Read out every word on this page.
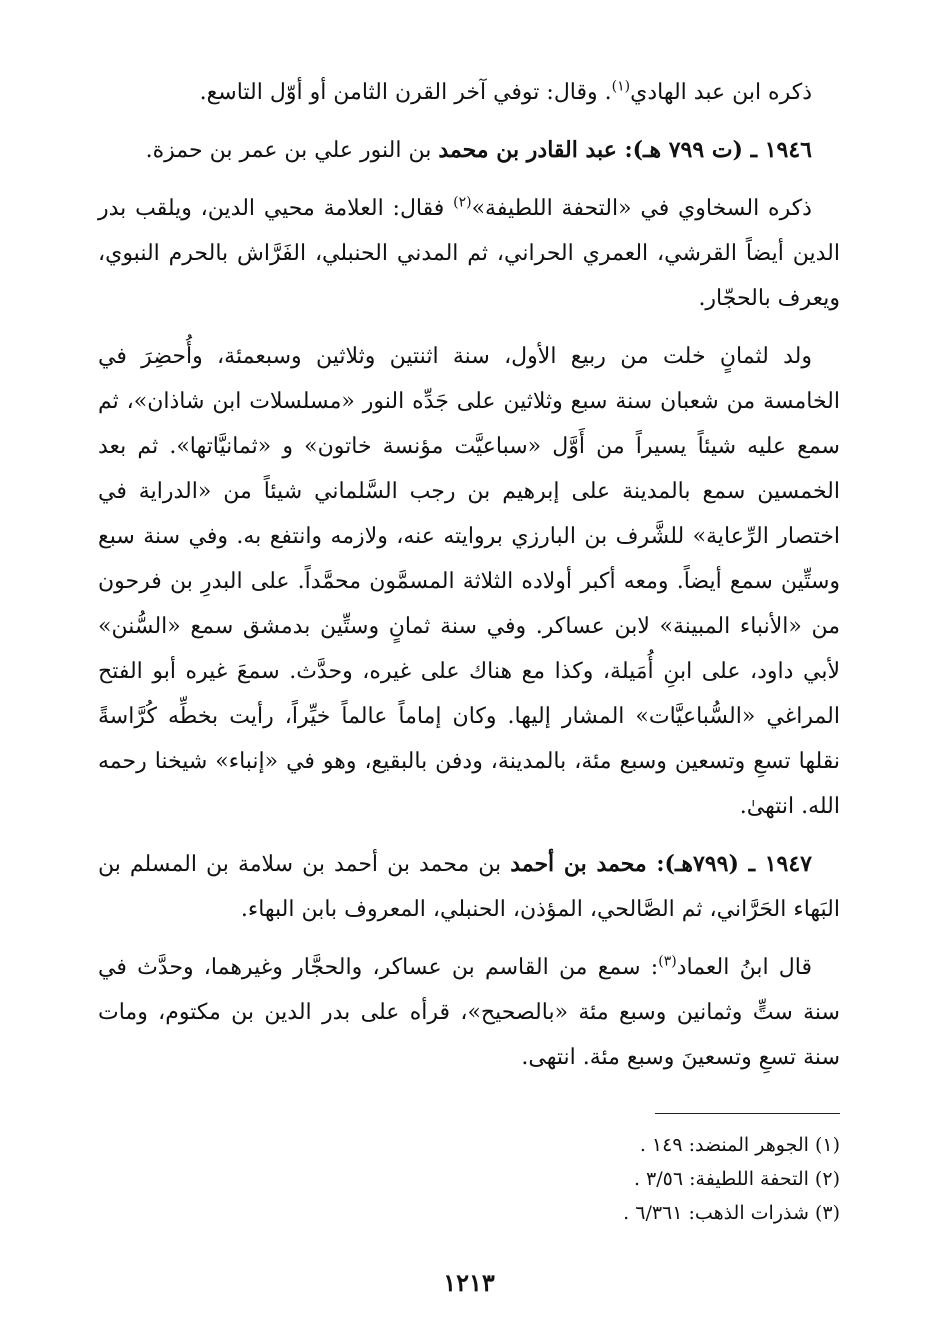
ذكره ابن عبد الهادي$^{(١)}$. وقال: توفي آخر القرن الثامن أو أوّل التاسع.

١٩٤٦ ـ (ت ٧٩٩ هـ): عبد القادر بن محمد بن النور علي بن عمر بن حمزة.

ذكره السخاوي في «التحفة اللطيفة»$^{(٢)}$ فقال: العلامة محيي الدين، ويلقب بدر الدين أيضاً القرشي، العمري الحراني، ثم المدني الحنبلي، الفَرَّاش بالحرم النبوي، ويعرف بالحجّار.

ولد لثمانٍ خلت من ربيع الأول، سنة اثنتين وثلاثين وسبعمئة، وأُحضِرَ في الخامسة من شعبان سنة سبع وثلاثين على جَدِّه النور «مسلسلات ابن شاذان»، ثم سمع عليه شيئاً يسيراً من أَوَّل «سباعيَّت مؤنسة خاتون» و «ثمانيَّاتها». ثم بعد الخمسين سمع بالمدينة على إبرهيم بن رجب السَّلماني شيئاً من «الدراية في اختصار الرِّعاية» للشَّرف بن البارزي بروايته عنه، ولازمه وانتفع به. وفي سنة سبع وستِّين سمع أيضاً. ومعه أكبر أولاده الثلاثة المسمَّون محمَّداً. على البدرِ بن فرحون من «الأنباء المبينة» لابن عساكر. وفي سنة ثمانٍ وستِّين بدمشق سمع «السُّنن» لأبي داود، على ابنِ أُمَيلة، وكذا مع هناك على غيره، وحدَّث. سمعَ غيره أبو الفتح المراغي «السُّباعيَّات» المشار إليها. وكان إماماً عالماً خيِّراً، رأيت بخطِّه كُرَّاسةً نقلها تسعِ وتسعين وسبع مئة، بالمدينة، ودفن بالبقيع، وهو في «إنباء» شيخنا رحمه الله. انتهىٰ.

١٩٤٧ ـ (٧٩٩هـ): محمد بن أحمد بن محمد بن أحمد بن سلامة بن المسلم بن البَهاء الحَرَّاني، ثم الصَّالحي، المؤذن، الحنبلي، المعروف بابن البهاء.

قال ابنُ العماد$^{(٣)}$: سمع من القاسم بن عساكر، والحجَّار وغيرهما، وحدَّث في سنة ستٍّ وثمانين وسبع مئة «بالصحيح»، قرأه على بدر الدين بن مكتوم، ومات سنة تسعِ وتسعينَ وسبع مئة. انتهى.

(١) الجوهر المنضد: ١٤٩ .

(٢) التحفة اللطيفة: ٣/٥٦ .

(٣) شذرات الذهب: ٦/٣٦١ .

١٢١٣
